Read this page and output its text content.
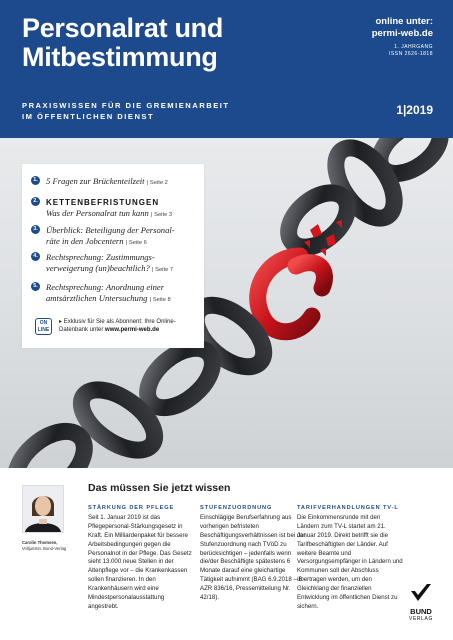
Personalrat und
Mitbestimmung
online unter:
permi-web.de
1. JAHRGANG
ISSN 2626-1818
PRAXISWISSEN FÜR DIE GREMIENARBEIT
IM ÖFFENTLICHEN DIENST	1|2019
1. 5 Fragen zur Brückenteilzeit | Seite 2
2. KETTENBEFRISTUNGEN
Was der Personalrat tun kann | Seite 3
3. Überblick: Beteiligung der Personal-
räte in den Jobcentern | Seite 6
4. Rechtsprechung: Zustimmungs-
verweigerung (un)beachtlich? | Seite 7
5. Rechtsprechung: Anordnung einer
amtsärztlichen Untersuchung | Seite 8
ON
LINE
▸ Exklusiv für Sie als Abonnent: Ihre Online-Datenbank unter www.permi-web.de
Das müssen Sie jetzt wissen
Carolin Thomsen,
Volljuristin, Bund-Verlag
STÄRKUNG DER PFLEGE
Seit 1. Januar 2019 ist das Pflegepersonal-Stärkungsgesetz in Kraft. Ein Milliardenpaket für bessere Arbeitsbedingungen gegen die Personalnot in der Pflege. Das Gesetz sieht 13.000 neue Stellen in der Altenpflege vor – die Krankenkassen sollen finanzieren. In den Krankenhäusern wird eine Mindestpersonalausstattung angestrebt.
STUFENZUORDNUNG
Einschlägige Berufserfahrung aus vorherigen befristeten Beschäftigungsverhältnissen ist bei der Stufenzuordnung nach TVöD zu berücksichtigen – jedenfalls wenn die/der Beschäftigte spätestens 6 Monate darauf eine gleichartige Tätigkeit aufnimmt (BAG 6.9.2018 – 6 AZR 836/16, Pressemitteilung Nr. 42/18).
TARIFVERHANDLUNGEN TV-L
Die Einkommensrunde mit den Ländern zum TV-L startet am 21. Januar 2019. Direkt betrifft sie die Tarifbeschäftigten der Länder. Auf weitere Beamte und Versorgungsempfänger in Ländern und Kommunen soll der Abschluss übertragen werden, um den Gleichklang der finanziellen Entwicklung im öffentlichen Dienst zu sichern.
BUND
VERLAG
